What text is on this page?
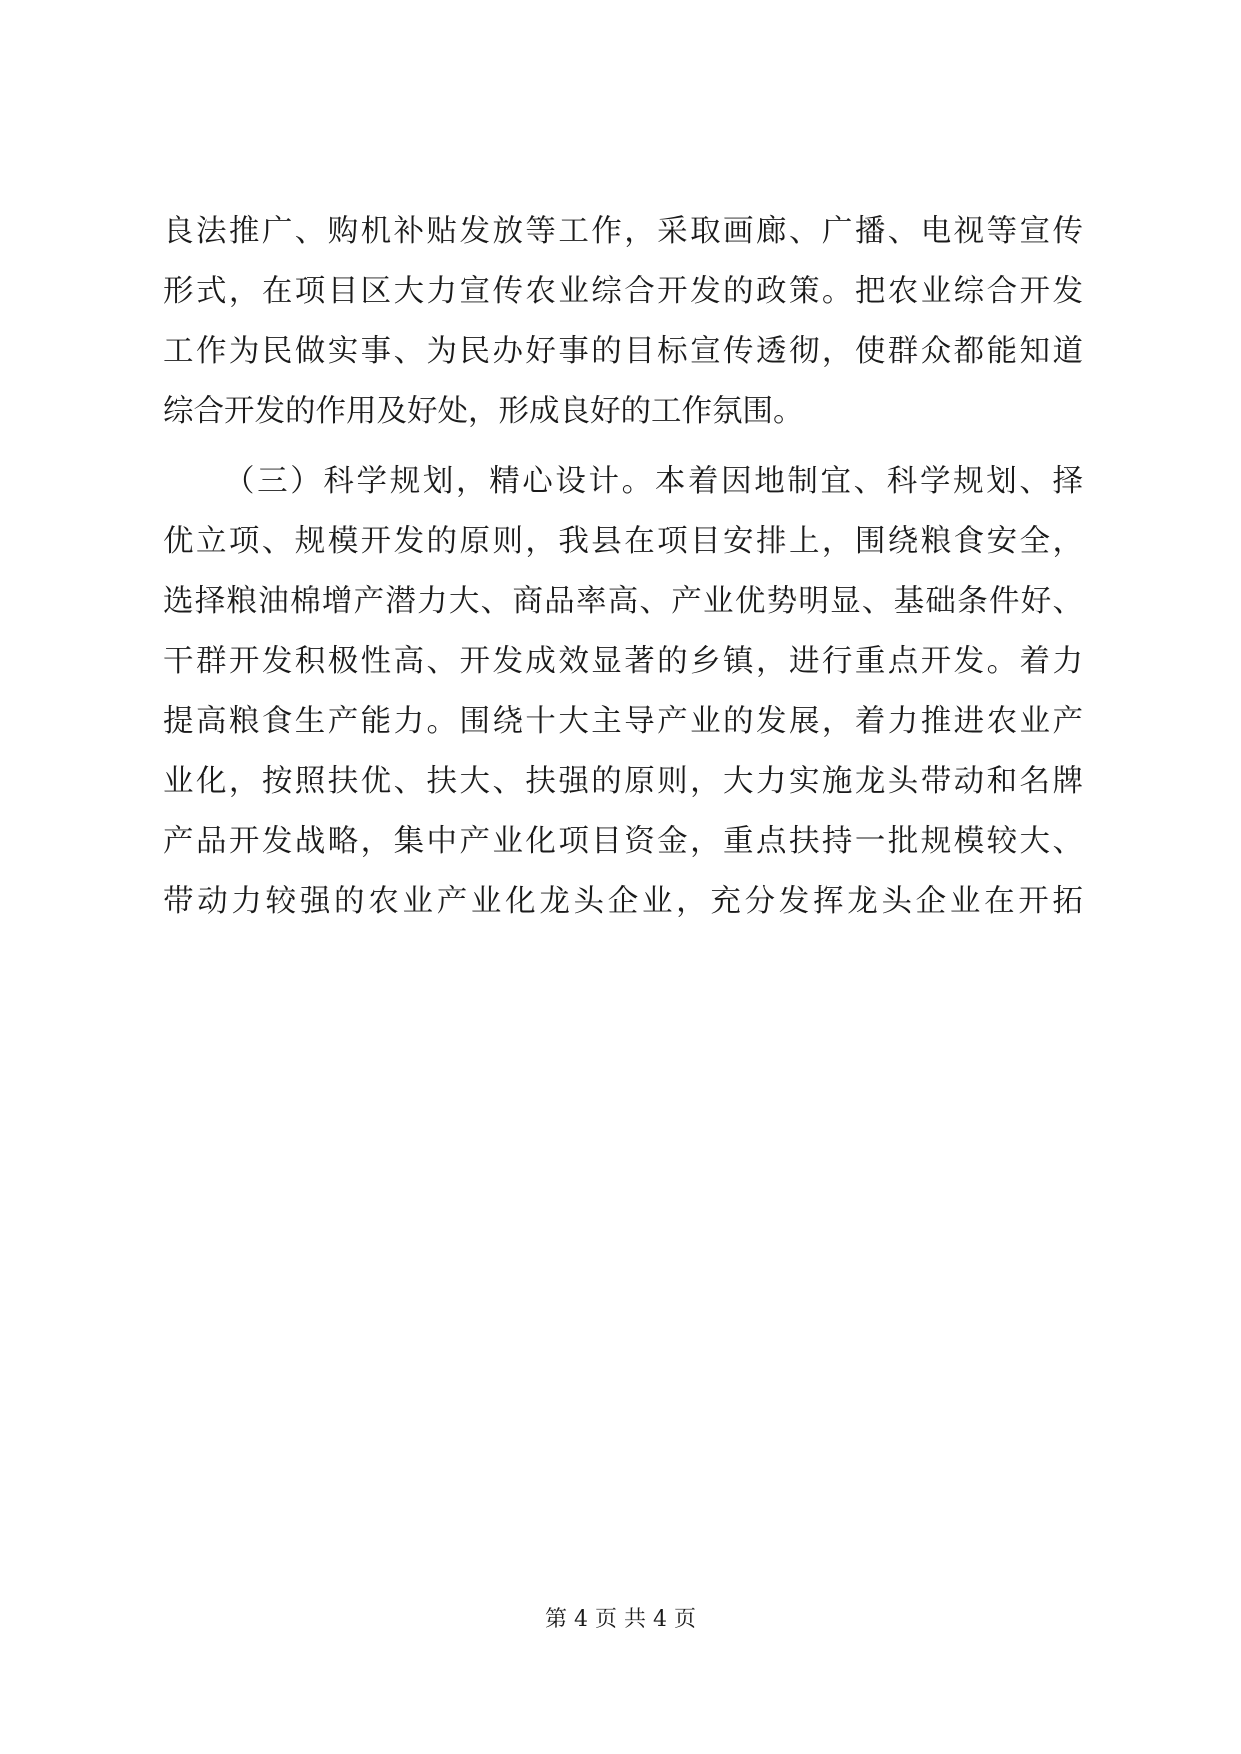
良法推广、购机补贴发放等工作，采取画廊、广播、电视等宣传
形式，在项目区大力宣传农业综合开发的政策。把农业综合开发
工作为民做实事、为民办好事的目标宣传透彻，使群众都能知道
综合开发的作用及好处，形成良好的工作氛围。
（三）科学规划，精心设计。本着因地制宜、科学规划、择
优立项、规模开发的原则，我县在项目安排上，围绕粮食安全，
选择粮油棉增产潜力大、商品率高、产业优势明显、基础条件好、
干群开发积极性高、开发成效显著的乡镇，进行重点开发。着力
提高粮食生产能力。围绕十大主导产业的发展，着力推进农业产
业化，按照扶优、扶大、扶强的原则，大力实施龙头带动和名牌
产品开发战略，集中产业化项目资金，重点扶持一批规模较大、
带动力较强的农业产业化龙头企业，充分发挥龙头企业在开拓
第 4 页 共 4 页
